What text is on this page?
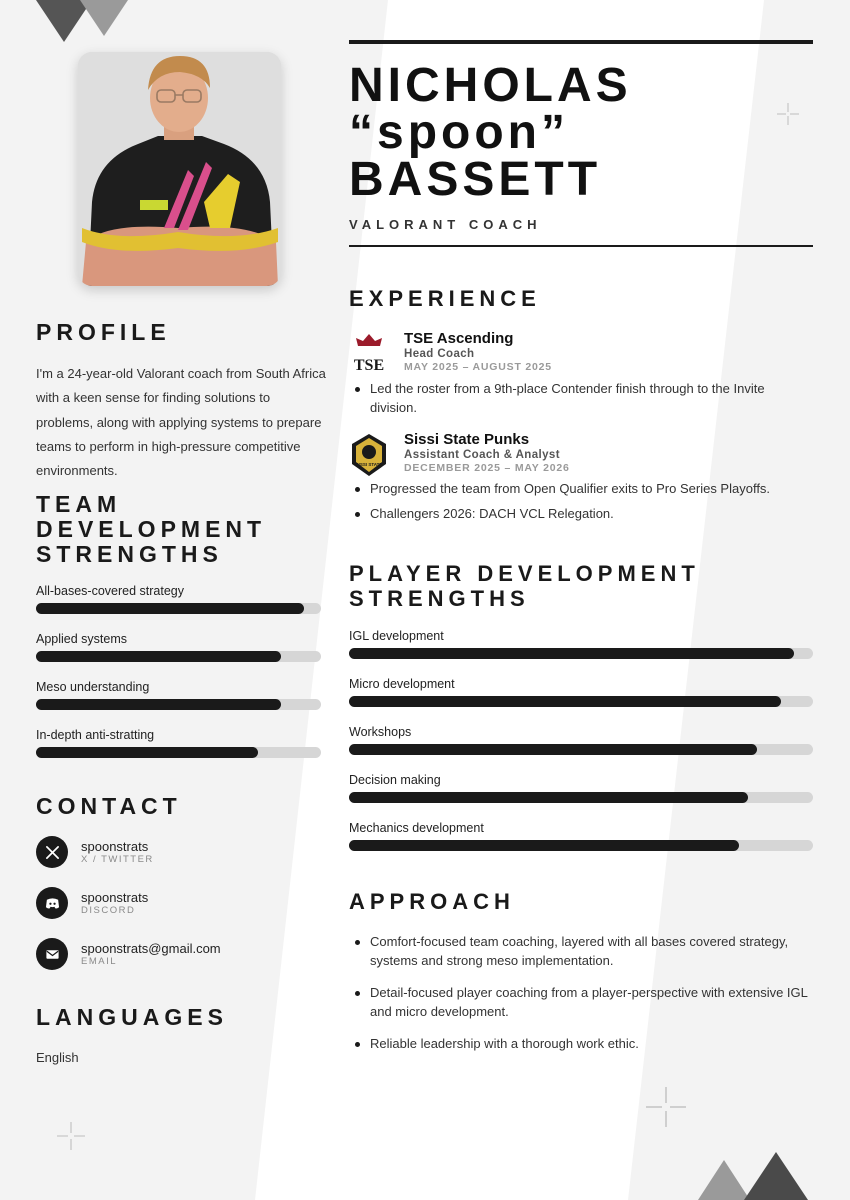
PROFILE

I'm a 24-year-old Valorant coach from South Africa with a keen sense for finding solutions to problems, along with applying systems to prepare teams to perform in high-pressure competitive environments.

TEAM DEVELOPMENT STRENGTHS
All-bases-covered strategy
Applied systems
Meso understanding
In-depth anti-stratting
CONTACT
spoonstrats
X / TWITTER
spoonstrats
DISCORD
spoonstrats@gmail.com
EMAIL
LANGUAGES
English
NICHOLAS
“spoon”
BASSETT
VALORANT COACH
EXPERIENCE
TSE
TSE Ascending
Head Coach
MAY 2025 – AUGUST 2025
Led the roster from a 9th-place Contender finish through to the Invite division.
SISSI STATE
Sissi State Punks
Assistant Coach & Analyst
DECEMBER 2025 – MAY 2026
Progressed the team from Open Qualifier exits to Pro Series Playoffs.
Challengers 2026: DACH VCL Relegation.
PLAYER DEVELOPMENT STRENGTHS
IGL development
Micro development
Workshops
Decision making
Mechanics development
APPROACH
Comfort-focused team coaching, layered with all bases covered strategy, systems and strong meso implementation.
Detail-focused player coaching from a player-perspective with extensive IGL and micro development.
Reliable leadership with a thorough work ethic.
